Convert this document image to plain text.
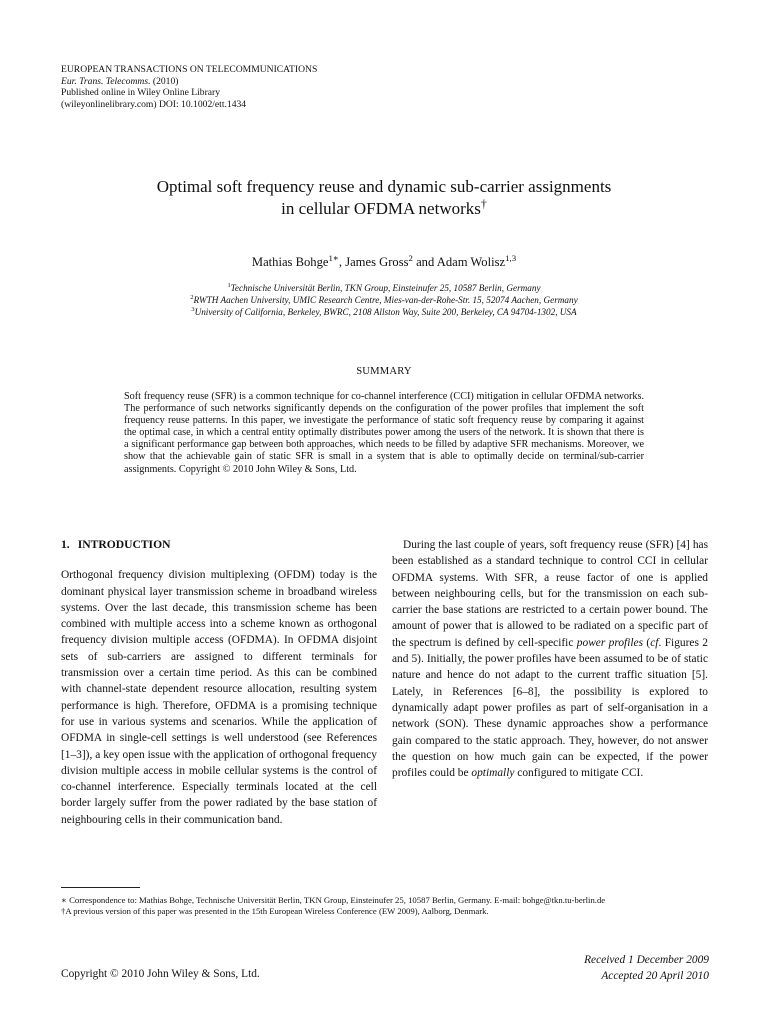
EUROPEAN TRANSACTIONS ON TELECOMMUNICATIONS
Eur. Trans. Telecomms. (2010)
Published online in Wiley Online Library
(wileyonlinelibrary.com) DOI: 10.1002/ett.1434
Optimal soft frequency reuse and dynamic sub-carrier assignments
in cellular OFDMA networks†
Mathias Bohge$^{1∗}$, James Gross$^2$ and Adam Wolisz$^{1,3}$
$^1$Technische Universität Berlin, TKN Group, Einsteinufer 25, 10587 Berlin, Germany
$^2$RWTH Aachen University, UMIC Research Centre, Mies-van-der-Rohe-Str. 15, 52074 Aachen, Germany
$^3$University of California, Berkeley, BWRC, 2108 Allston Way, Suite 200, Berkeley, CA 94704-1302, USA
SUMMARY
Soft frequency reuse (SFR) is a common technique for co-channel interference (CCI) mitigation in cellular OFDMA networks. The performance of such networks significantly depends on the configuration of the power profiles that implement the soft frequency reuse patterns. In this paper, we investigate the performance of static soft frequency reuse by comparing it against the optimal case, in which a central entity optimally distributes power among the users of the network. It is shown that there is a significant performance gap between both approaches, which needs to be filled by adaptive SFR mechanisms. Moreover, we show that the achievable gain of static SFR is small in a system that is able to optimally decide on terminal/sub-carrier assignments. Copyright © 2010 John Wiley & Sons, Ltd.
1. INTRODUCTION

Orthogonal frequency division multiplexing (OFDM) today is the dominant physical layer transmission scheme in broadband wireless systems. Over the last decade, this transmission scheme has been combined with multiple access into a scheme known as orthogonal frequency division multiple access (OFDMA). In OFDMA disjoint sets of sub-carriers are assigned to different terminals for transmission over a certain time period. As this can be combined with channel-state dependent resource allocation, resulting system performance is high. Therefore, OFDMA is a promising technique for use in various systems and scenarios. While the application of OFDMA in single-cell settings is well understood (see References [1–3]), a key open issue with the application of orthogonal frequency division multiple access in mobile cellular systems is the control of co-channel interference. Especially terminals located at the cell border largely suffer from the power radiated by the base station of neighbouring cells in their communication band.

During the last couple of years, soft frequency reuse (SFR) [4] has been established as a standard technique to control CCI in cellular OFDMA systems. With SFR, a reuse factor of one is applied between neighbouring cells, but for the transmission on each sub-carrier the base stations are restricted to a certain power bound. The amount of power that is allowed to be radiated on a specific part of the spectrum is defined by cell-specific power profiles (cf. Figures 2 and 5). Initially, the power profiles have been assumed to be of static nature and hence do not adapt to the current traffic situation [5]. Lately, in References [6–8], the possibility is explored to dynamically adapt power profiles as part of self-organisation in a network (SON). These dynamic approaches show a performance gain compared to the static approach. They, however, do not answer the question on how much gain can be expected, if the power profiles could be optimally configured to mitigate CCI.

∗ Correspondence to: Mathias Bohge, Technische Universität Berlin, TKN Group, Einsteinufer 25, 10587 Berlin, Germany. E-mail: bohge@tkn.tu-berlin.de
†A previous version of this paper was presented in the 15th European Wireless Conference (EW 2009), Aalborg, Denmark.
Copyright © 2010 John Wiley & Sons, Ltd.
Received 1 December 2009
Accepted 20 April 2010
